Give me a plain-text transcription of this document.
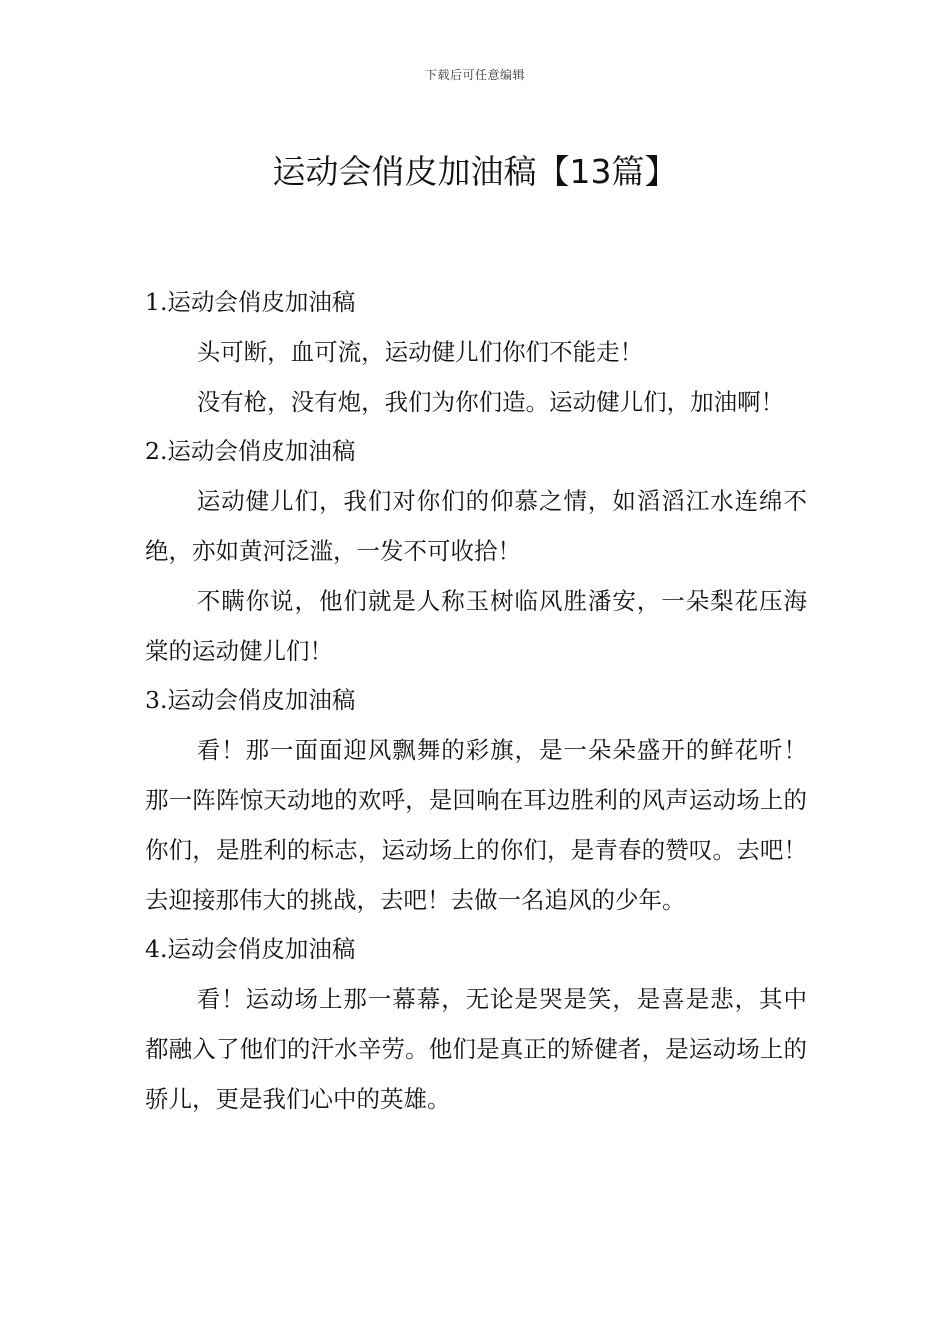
下载后可任意编辑
运动会俏皮加油稿【13篇】

1.运动会俏皮加油稿

头可断，血可流，运动健儿们你们不能走！

没有枪，没有炮，我们为你们造。运动健儿们，加油啊！

2.运动会俏皮加油稿

运动健儿们，我们对你们的仰慕之情，如滔滔江水连绵不绝，亦如黄河泛滥，一发不可收拾！

不瞒你说，他们就是人称玉树临风胜潘安，一朵梨花压海棠的运动健儿们！

3.运动会俏皮加油稿

看！那一面面迎风飘舞的彩旗，是一朵朵盛开的鲜花听！那一阵阵惊天动地的欢呼，是回响在耳边胜利的风声运动场上的你们，是胜利的标志，运动场上的你们，是青春的赞叹。去吧！去迎接那伟大的挑战，去吧！去做一名追风的少年。

4.运动会俏皮加油稿

看！运动场上那一幕幕，无论是哭是笑，是喜是悲，其中都融入了他们的汗水辛劳。他们是真正的矫健者，是运动场上的骄儿，更是我们心中的英雄。
